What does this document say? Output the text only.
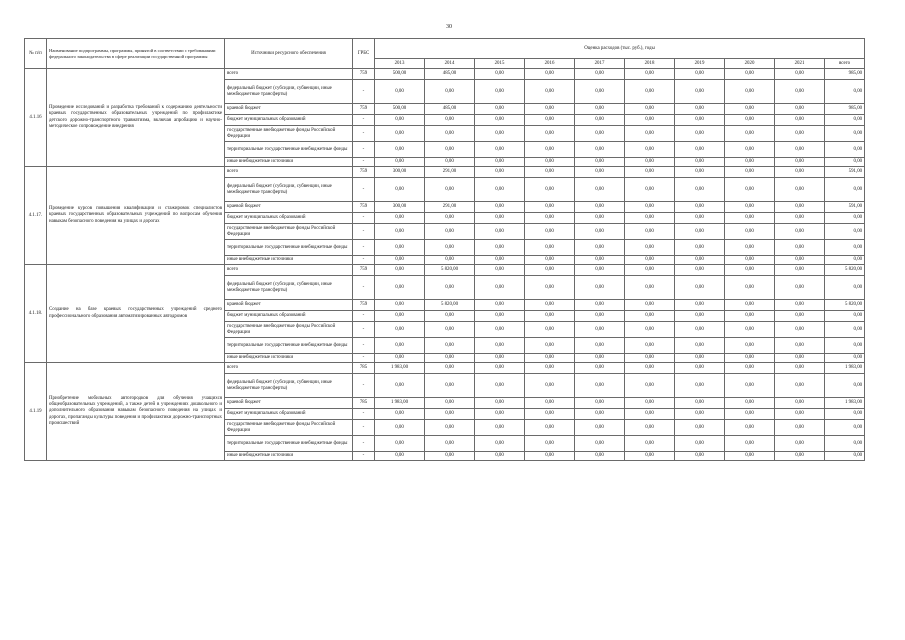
30
№ п/п	Наименование подпрограммы, программы, принятой в соответствии с требованиями федерального законодательства в сфере реализации государственной программы	Источники ресурсного обеспечения	ГРБС	Оценка расходов (тыс. руб.), годы									
				2013	2014	2015	2016	2017	2018	2019	2020	2021	всего
4.1.16	Проведение исследований и разработка требований к содержанию деятельности краевых государственных образовательных учреждений по профилактике детского дорожно-транспортного травматизма, включая апробацию и научно-методическое сопровождение внедрения	всего	759	500,00	485,00	0,00	0,00	0,00	0,00	0,00	0,00	0,00	985,00
		федеральный бюджет (субсидии, субвенции, иные межбюджетные трансферты)	-	0,00	0,00	0,00	0,00	0,00	0,00	0,00	0,00	0,00	0,00
		краевой бюджет	759	500,00	485,00	0,00	0,00	0,00	0,00	0,00	0,00	0,00	985,00
		бюджет муниципальных образований	-	0,00	0,00	0,00	0,00	0,00	0,00	0,00	0,00	0,00	0,00
		государственные внебюджетные фонды Российской Федерации	-	0,00	0,00	0,00	0,00	0,00	0,00	0,00	0,00	0,00	0,00
		территориальные государственные внебюджетные фонды	-	0,00	0,00	0,00	0,00	0,00	0,00	0,00	0,00	0,00	0,00
		иные внебюджетные источники	-	0,00	0,00	0,00	0,00	0,00	0,00	0,00	0,00	0,00	0,00
4.1.17.	Проведение курсов повышения квалификации и стажировок специалистов краевых государственных образовательных учреждений по вопросам обучения навыкам безопасного поведения на улицах и дорогах	всего	759	300,00	291,00	0,00	0,00	0,00	0,00	0,00	0,00	0,00	591,00
		федеральный бюджет (субсидии, субвенции, иные межбюджетные трансферты)	-	0,00	0,00	0,00	0,00	0,00	0,00	0,00	0,00	0,00	0,00
		краевой бюджет	759	300,00	291,00	0,00	0,00	0,00	0,00	0,00	0,00	0,00	591,00
		бюджет муниципальных образований	-	0,00	0,00	0,00	0,00	0,00	0,00	0,00	0,00	0,00	0,00
		государственные внебюджетные фонды Российской Федерации	-	0,00	0,00	0,00	0,00	0,00	0,00	0,00	0,00	0,00	0,00
		территориальные государственные внебюджетные фонды	-	0,00	0,00	0,00	0,00	0,00	0,00	0,00	0,00	0,00	0,00
		иные внебюджетные источники	-	0,00	0,00	0,00	0,00	0,00	0,00	0,00	0,00	0,00	0,00
4.1.18.	Создание на базе краевых государственных учреждений среднего профессионального образования автоматизированных автодромов	всего	759	0,00	5 820,00	0,00	0,00	0,00	0,00	0,00	0,00	0,00	5 820,00
		федеральный бюджет (субсидии, субвенции, иные межбюджетные трансферты)	-	0,00	0,00	0,00	0,00	0,00	0,00	0,00	0,00	0,00	0,00
		краевой бюджет	759	0,00	5 820,00	0,00	0,00	0,00	0,00	0,00	0,00	0,00	5 820,00
		бюджет муниципальных образований	-	0,00	0,00	0,00	0,00	0,00	0,00	0,00	0,00	0,00	0,00
		государственные внебюджетные фонды Российской Федерации	-	0,00	0,00	0,00	0,00	0,00	0,00	0,00	0,00	0,00	0,00
		территориальные государственные внебюджетные фонды	-	0,00	0,00	0,00	0,00	0,00	0,00	0,00	0,00	0,00	0,00
		иные внебюджетные источники	-	0,00	0,00	0,00	0,00	0,00	0,00	0,00	0,00	0,00	0,00
4.1.19	Приобретение мобильных автогородков для обучения учащихся общеобразовательных учреждений, а также детей в учреждениях дошкольного и дополнительного образования навыкам безопасного поведения на улицах и дорогах, пропаганды культуры поведения и профилактики дорожно-транспортных происшествий	всего	785	1 983,00	0,00	0,00	0,00	0,00	0,00	0,00	0,00	0,00	1 983,00
		федеральный бюджет (субсидии, субвенции, иные межбюджетные трансферты)	-	0,00	0,00	0,00	0,00	0,00	0,00	0,00	0,00	0,00	0,00
		краевой бюджет	785	1 983,00	0,00	0,00	0,00	0,00	0,00	0,00	0,00	0,00	1 983,00
		бюджет муниципальных образований	-	0,00	0,00	0,00	0,00	0,00	0,00	0,00	0,00	0,00	0,00
		государственные внебюджетные фонды Российской Федерации	-	0,00	0,00	0,00	0,00	0,00	0,00	0,00	0,00	0,00	0,00
		территориальные государственные внебюджетные фонды	-	0,00	0,00	0,00	0,00	0,00	0,00	0,00	0,00	0,00	0,00
		иные внебюджетные источники	-	0,00	0,00	0,00	0,00	0,00	0,00	0,00	0,00	0,00	0,00
